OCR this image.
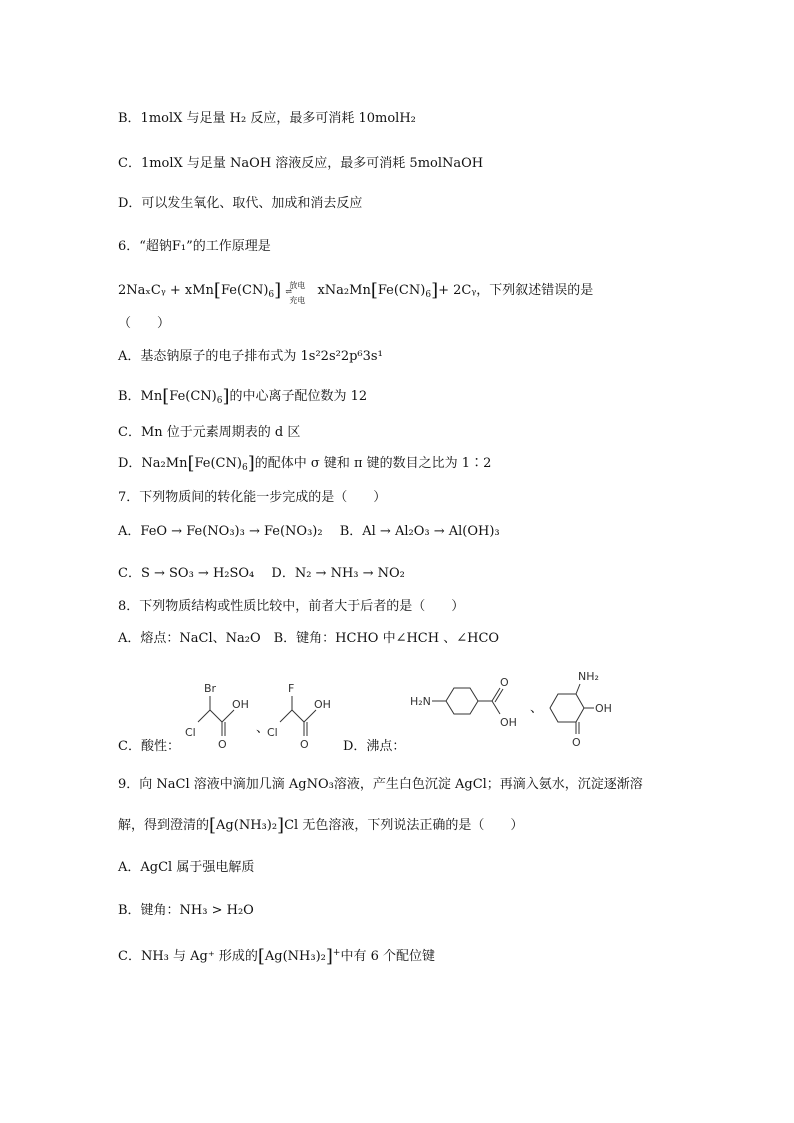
B．1molX 与足量 H₂ 反应，最多可消耗 10molH₂
C．1molX 与足量 NaOH 溶液反应，最多可消耗 5molNaOH
D．可以发生氧化、取代、加成和消去反应
6．“超钠F₁”的工作原理是
2NaₓCᵧ + $xMn[Fe(CN)_6]$ 放电
⇌
充电
$xNa_2Mn[Fe(CN)_6]+$ 2Cᵧ，下列叙述错误的是
（　　）
A．基态钠原子的电子排布式为 1s²2s²2p⁶3s¹
B．$Mn[Fe(CN)_6]$的中心离子配位数为 12
C．Mn 位于元素周期表的 d 区
D．$Na_2Mn[Fe(CN)_6]$的配体中 σ 键和 π 键的数目之比为 1∶2
7．下列物质间的转化能一步完成的是（　　）
A．FeO → Fe(NO₃)₃ → Fe(NO₃)₂　 B．Al → Al₂O₃ → Al(OH)₃
C．S → SO₃ → H₂SO₄　 D．N₂ → NH₃ → NO₂
8．下列物质结构或性质比较中，前者大于后者的是（　　）
A．熔点：NaCl、Na₂O　B．键角：HCHO 中∠HCH 、∠HCO
C．酸性：
Br
Cl
OH
O
、
F
Cl
OH
O	D．沸点：
H₂N
O
OH
、
NH₂
OH
O
9．向 NaCl 溶液中滴加几滴 AgNO₃溶液，产生白色沉淀 AgCl；再滴入氨水，沉淀逐渐溶
解，得到澄清的[Ag(NH₃)₂]Cl 无色溶液，下列说法正确的是（　　）
A．AgCl 属于强电解质
B．键角：NH₃ > H₂O
C．NH₃ 与 Ag⁺ 形成的[Ag(NH₃)₂]+中有 6 个配位键
